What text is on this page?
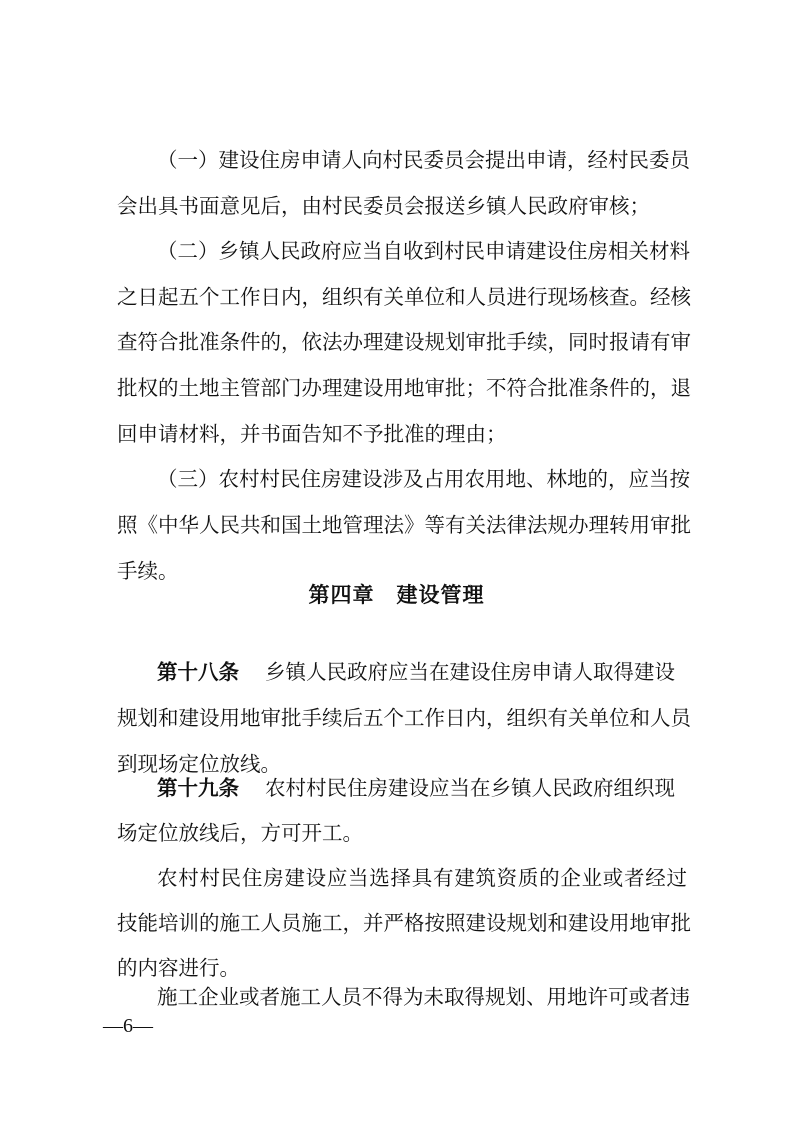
（一）建设住房申请人向村民委员会提出申请，经村民委员
会出具书面意见后，由村民委员会报送乡镇人民政府审核；
（二）乡镇人民政府应当自收到村民申请建设住房相关材料
之日起五个工作日内，组织有关单位和人员进行现场核查。经核
查符合批准条件的，依法办理建设规划审批手续，同时报请有审
批权的土地主管部门办理建设用地审批；不符合批准条件的，退
回申请材料，并书面告知不予批准的理由；
（三）农村村民住房建设涉及占用农用地、林地的，应当按
照《中华人民共和国土地管理法》等有关法律法规办理转用审批
手续。
第四章　建设管理
第十八条 乡镇人民政府应当在建设住房申请人取得建设
规划和建设用地审批手续后五个工作日内，组织有关单位和人员
到现场定位放线。
第十九条 农村村民住房建设应当在乡镇人民政府组织现
场定位放线后，方可开工。
农村村民住房建设应当选择具有建筑资质的企业或者经过
技能培训的施工人员施工，并严格按照建设规划和建设用地审批
的内容进行。
施工企业或者施工人员不得为未取得规划、用地许可或者违
—6—
